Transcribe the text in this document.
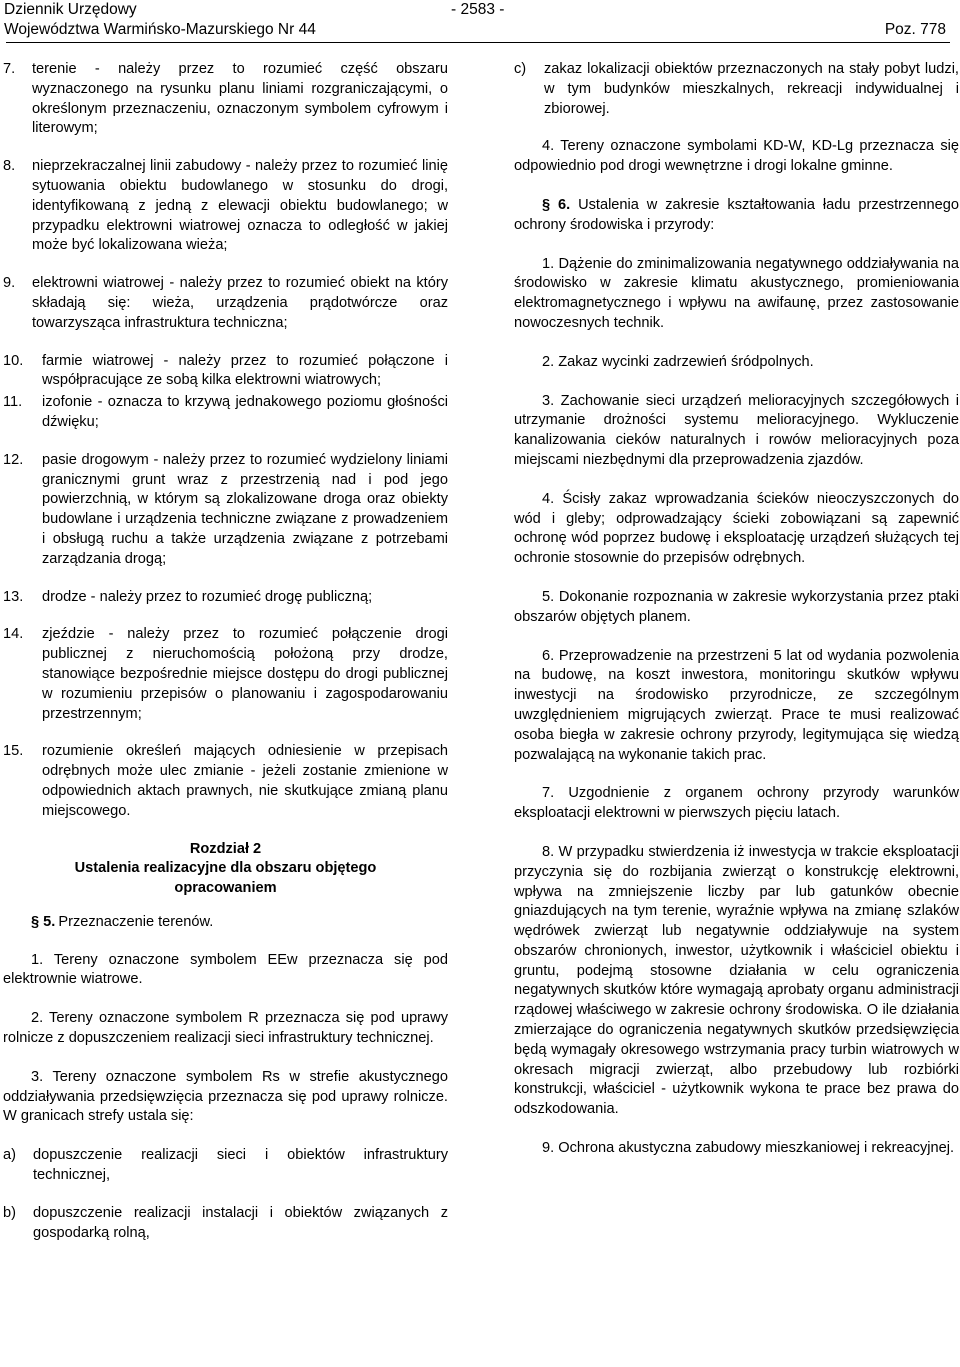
Dziennik Urzędowy
Województwa Warmińsko-Mazurskiego Nr 44
- 2583 -
Poz. 778
7.	terenie - należy przez to rozumieć część obszaru wyznaczonego na rysunku planu liniami rozgraniczającymi, o określonym przeznaczeniu, oznaczonym symbolem cyfrowym i literowym;

8.	nieprzekraczalnej linii zabudowy - należy przez to rozumieć linię sytuowania obiektu budowlanego w stosunku do drogi, identyfikowaną z jedną z elewacji obiektu budowlanego; w przypadku elektrowni wiatrowej oznacza to odległość w jakiej może być lokalizowana wieża;

9.	elektrowni wiatrowej - należy przez to rozumieć obiekt na który składają się: wieża, urządzenia prądotwórcze oraz towarzysząca infrastruktura techniczna;

10.	farmie wiatrowej - należy przez to rozumieć połączone i współpracujące ze sobą kilka elektrowni wiatrowych;

11.	izofonie - oznacza to krzywą jednakowego poziomu głośności dźwięku;

12.	pasie drogowym - należy przez to rozumieć wydzielony liniami granicznymi grunt wraz z przestrzenią nad i pod jego powierzchnią, w którym są zlokalizowane droga oraz obiekty budowlane i urządzenia techniczne związane z prowadzeniem i obsługą ruchu a także urządzenia związane z potrzebami zarządzania drogą;

13.	drodze - należy przez to rozumieć drogę publiczną;

14.	zjeździe - należy przez to rozumieć połączenie drogi publicznej z nieruchomością położoną przy drodze, stanowiące bezpośrednie miejsce dostępu do drogi publicznej w rozumieniu przepisów o planowaniu i zagospodarowaniu przestrzennym;

15.	rozumienie określeń mających odniesienie w przepisach odrębnych może ulec zmianie - jeżeli zostanie zmienione w odpowiednich aktach prawnych, nie skutkujące zmianą planu miejscowego.

Rozdział 2
Ustalenia realizacyjne dla obszaru objętego opracowaniem

§ 5. Przeznaczenie terenów.

1. Tereny oznaczone symbolem EEw przeznacza się pod elektrownie wiatrowe.

2. Tereny oznaczone symbolem R przeznacza się pod uprawy rolnicze z dopuszczeniem realizacji sieci infrastruktury technicznej.

3. Tereny oznaczone symbolem Rs w strefie akustycznego oddziaływania przedsięwzięcia przeznacza się pod uprawy rolnicze. W granicach strefy ustala się:

a)	dopuszczenie realizacji sieci i obiektów infrastruktury technicznej,

b)	dopuszczenie realizacji instalacji i obiektów związanych z gospodarką rolną,

c)	zakaz lokalizacji obiektów przeznaczonych na stały pobyt ludzi, w tym budynków mieszkalnych, rekreacji indywidualnej i zbiorowej.

4. Tereny oznaczone symbolami KD-W, KD-Lg przeznacza się odpowiednio pod drogi wewnętrzne i drogi lokalne gminne.

§ 6. Ustalenia w zakresie kształtowania ładu przestrzennego ochrony środowiska i przyrody:

1. Dążenie do zminimalizowania negatywnego oddziaływania na środowisko w zakresie klimatu akustycznego, promieniowania elektromagnetycznego i wpływu na awifaunę, przez zastosowanie nowoczesnych technik.

2. Zakaz wycinki zadrzewień śródpolnych.

3. Zachowanie sieci urządzeń melioracyjnych szczegółowych i utrzymanie drożności systemu melioracyjnego. Wykluczenie kanalizowania cieków naturalnych i rowów melioracyjnych poza miejscami niezbędnymi dla przeprowadzenia zjazdów.

4. Ścisły zakaz wprowadzania ścieków nieoczyszczonych do wód i gleby; odprowadzający ścieki zobowiązani są zapewnić ochronę wód poprzez budowę i eksploatację urządzeń służących tej ochronie stosownie do przepisów odrębnych.

5. Dokonanie rozpoznania w zakresie wykorzystania przez ptaki obszarów objętych planem.

6. Przeprowadzenie na przestrzeni 5 lat od wydania pozwolenia na budowę, na koszt inwestora, monitoringu skutków wpływu inwestycji na środowisko przyrodnicze, ze szczególnym uwzględnieniem migrujących zwierząt. Prace te musi realizować osoba biegła w zakresie ochrony przyrody, legitymująca się wiedzą pozwalającą na wykonanie takich prac.

7. Uzgodnienie z organem ochrony przyrody warunków eksploatacji elektrowni w pierwszych pięciu latach.

8. W przypadku stwierdzenia iż inwestycja w trakcie eksploatacji przyczynia się do rozbijania zwierząt o konstrukcję elektrowni, wpływa na zmniejszenie liczby par lub gatunków obecnie gniazdujących na tym terenie, wyraźnie wpływa na zmianę szlaków wędrówek zwierząt lub negatywnie oddziaływuje na system obszarów chronionych, inwestor, użytkownik i właściciel obiektu i gruntu, podejmą stosowne działania w celu ograniczenia negatywnych skutków które wymagają aprobaty organu administracji rządowej właściwego w zakresie ochrony środowiska. O ile działania zmierzające do ograniczenia negatywnych skutków przedsięwzięcia będą wymagały okresowego wstrzymania pracy turbin wiatrowych w okresach migracji zwierząt, albo przebudowy lub rozbiórki konstrukcji, właściciel - użytkownik wykona te prace bez prawa do odszkodowania.

9. Ochrona akustyczna zabudowy mieszkaniowej i rekreacyjnej.
